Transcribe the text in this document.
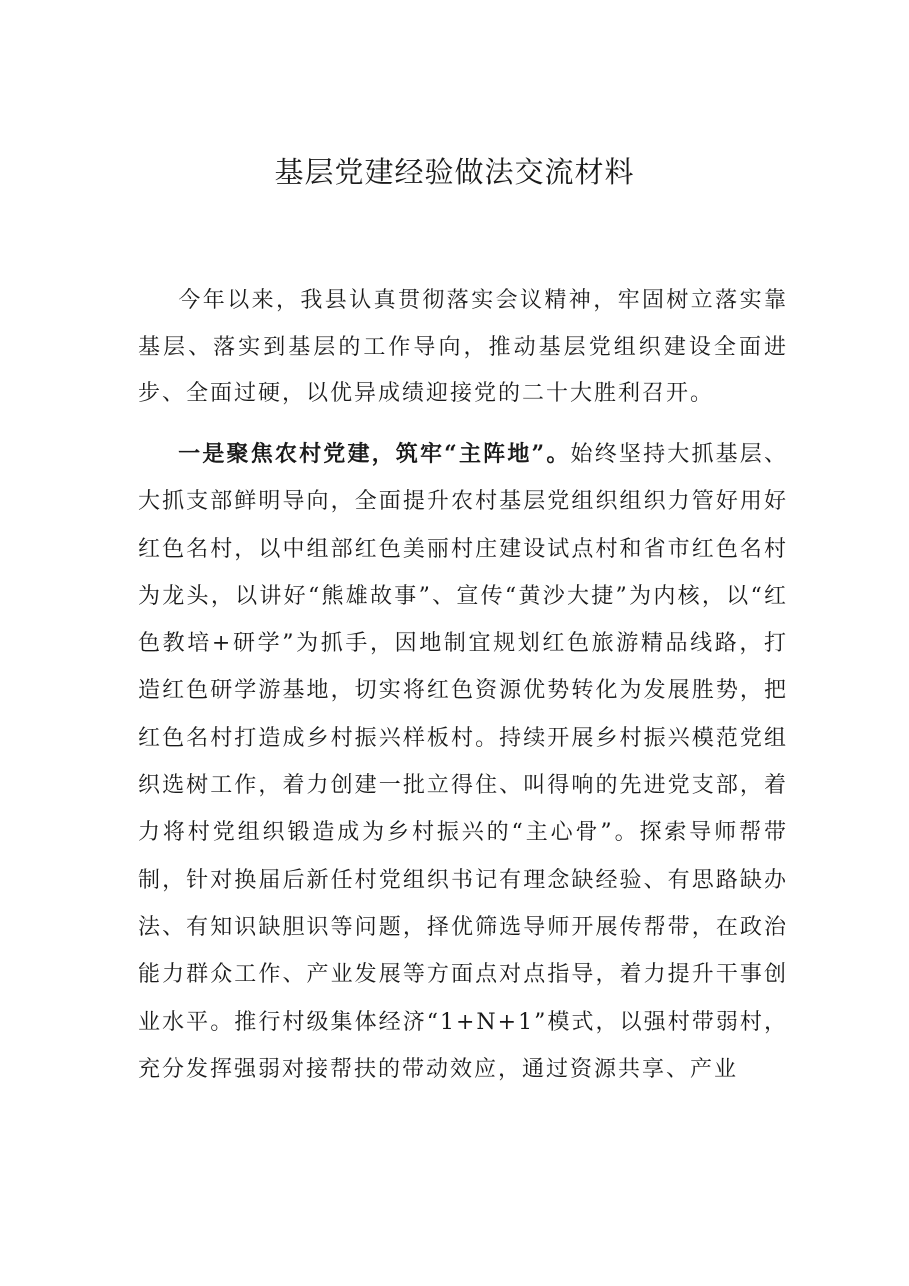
基层党建经验做法交流材料
今年以来，我县认真贯彻落实会议精神，牢固树立落实靠基层、落实到基层的工作导向，推动基层党组织建设全面进步、全面过硬，以优异成绩迎接党的二十大胜利召开。
一是聚焦农村党建，筑牢“主阵地”。始终坚持大抓基层、大抓支部鲜明导向，全面提升农村基层党组织组织力管好用好红色名村，以中组部红色美丽村庄建设试点村和省市红色名村为龙头，以讲好“熊雄故事”、宣传“黄沙大捷”为内核，以“红色教培+研学”为抓手，因地制宜规划红色旅游精品线路，打造红色研学游基地，切实将红色资源优势转化为发展胜势，把红色名村打造成乡村振兴样板村。持续开展乡村振兴模范党组织选树工作，着力创建一批立得住、叫得响的先进党支部，着力将村党组织锻造成为乡村振兴的“主心骨”。探索导师帮带制，针对换届后新任村党组织书记有理念缺经验、有思路缺办法、有知识缺胆识等问题，择优筛选导师开展传帮带，在政治能力群众工作、产业发展等方面点对点指导，着力提升干事创业水平。推行村级集体经济“1+N+1”模式，以强村带弱村，充分发挥强弱对接帮扶的带动效应，通过资源共享、产业
